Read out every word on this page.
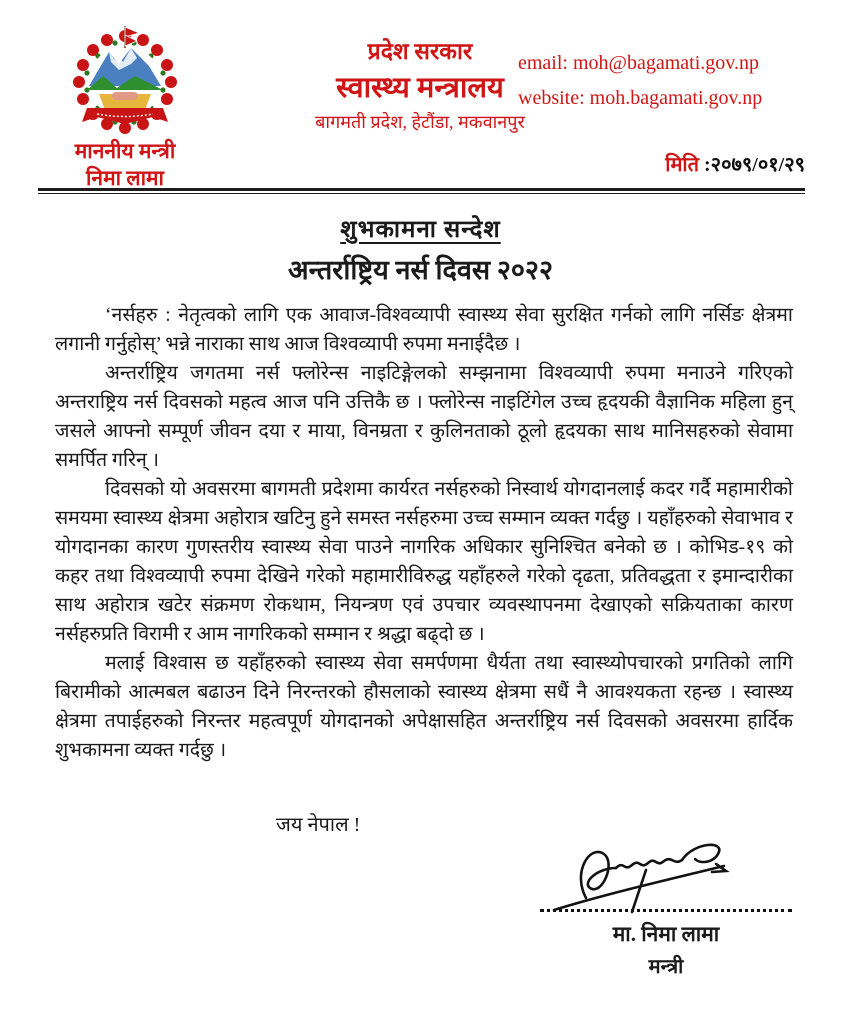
माननीय मन्त्री
निमा लामा
प्रदेश सरकार
स्वास्थ्य मन्त्रालय
बागमती प्रदेश, हेटौंडा, मकवानपुर
email: moh@bagamati.gov.np
website: moh.bagamati.gov.np
मिति :२०७९/०१/२९
शुभकामना सन्देश
अन्तर्राष्ट्रिय नर्स दिवस २०२२

‘नर्सहरु : नेतृत्वको लागि एक आवाज-विश्वव्यापी स्वास्थ्य सेवा सुरक्षित गर्नको लागि नर्सिङ क्षेत्रमा लगानी गर्नुहोस्’ भन्ने नाराका साथ आज विश्वव्यापी रुपमा मनाईदैछ ।

अन्तर्राष्ट्रिय जगतमा नर्स फ्लोरेन्स नाइटिङ्गेलको सम्झनामा विश्वव्यापी रुपमा मनाउने गरिएको अन्तराष्ट्रिय नर्स दिवसको महत्व आज पनि उत्तिकै छ । फ्लोरेन्स नाइटिंगेल उच्च हृदयकी वैज्ञानिक महिला हुन् जसले आफ्नो सम्पूर्ण जीवन दया र माया, विनम्रता र कुलिनताको ठूलो हृदयका साथ मानिसहरुको सेवामा समर्पित गरिन् ।

दिवसको यो अवसरमा बागमती प्रदेशमा कार्यरत नर्सहरुको निस्वार्थ योगदानलाई कदर गर्दै महामारीको समयमा स्वास्थ्य क्षेत्रमा अहोरात्र खटिनु हुने समस्त नर्सहरुमा उच्च सम्मान व्यक्त गर्दछु । यहाँहरुको सेवाभाव र योगदानका कारण गुणस्तरीय स्वास्थ्य सेवा पाउने नागरिक अधिकार सुनिश्चित बनेको छ । कोभिड-१९ को कहर तथा विश्वव्यापी रुपमा देखिने गरेको महामारीविरुद्ध यहाँहरुले गरेको दृढता, प्रतिवद्धता र इमान्दारीका साथ अहोरात्र खटेर संक्रमण रोकथाम, नियन्त्रण एवं उपचार व्यवस्थापनमा देखाएको सक्रियताका कारण नर्सहरुप्रति विरामी र आम नागरिकको सम्मान र श्रद्धा बढ्दो छ ।

मलाई विश्वास छ यहाँहरुको स्वास्थ्य सेवा समर्पणमा धैर्यता तथा स्वास्थ्योपचारको प्रगतिको लागि बिरामीको आत्मबल बढाउन दिने निरन्तरको हौसलाको स्वास्थ्य क्षेत्रमा सधैं नै आवश्यकता रहन्छ । स्वास्थ्य क्षेत्रमा तपाईहरुको निरन्तर महत्वपूर्ण योगदानको अपेक्षासहित अन्तर्राष्ट्रिय नर्स दिवसको अवसरमा हार्दिक शुभकामना व्यक्त गर्दछु ।

जय नेपाल !
मा. निमा लामा
मन्त्री
